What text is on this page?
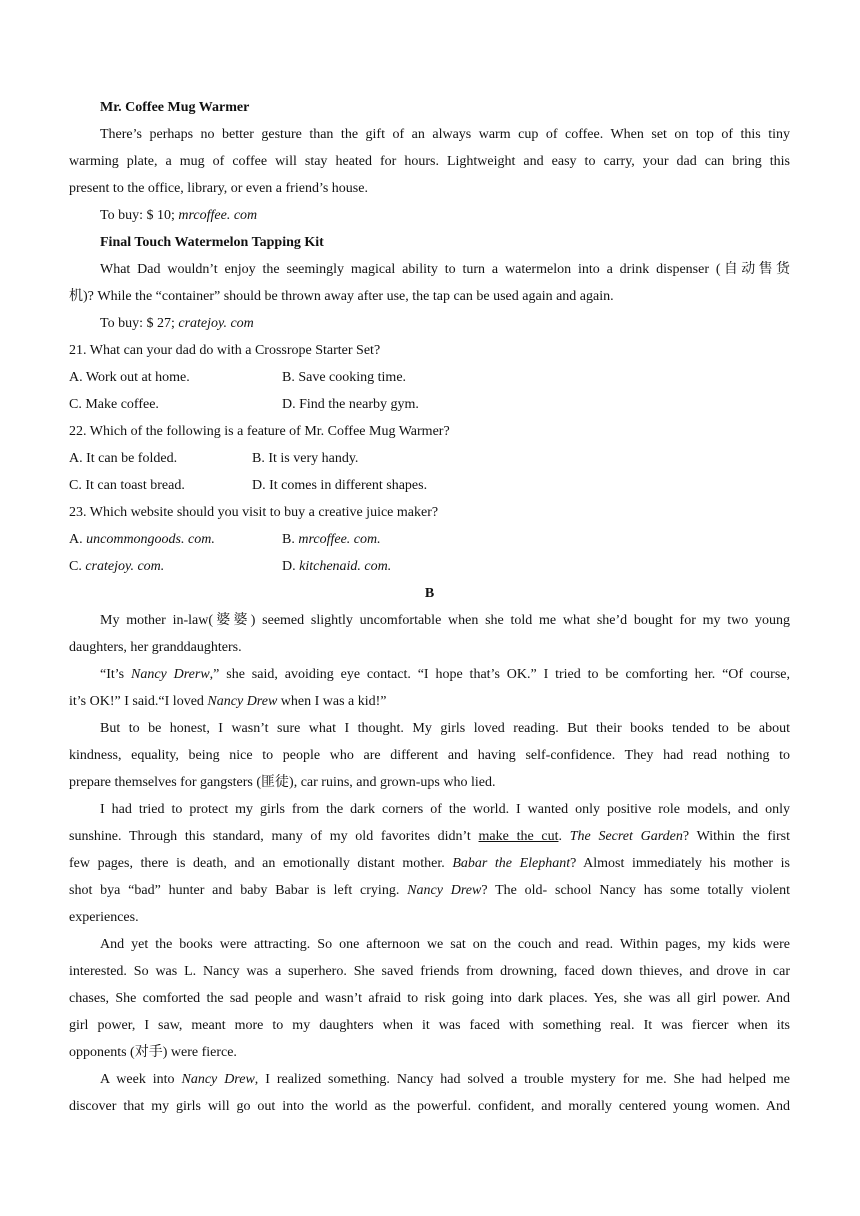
Mr. Coffee Mug Warmer
There’s perhaps no better gesture than the gift of an always warm cup of coffee. When set on top of this tiny
warming plate, a mug of coffee will stay heated for hours. Lightweight and easy to carry, your dad can bring this
present to the office, library, or even a friend’s house.
To buy: $ 10; mrcoffee. com
Final Touch Watermelon Tapping Kit
What Dad wouldn’t enjoy the seemingly magical ability to turn a watermelon into a drink dispenser (自动售货
机)? While the “container” should be thrown away after use, the tap can be used again and again.
To buy: $ 27; cratejoy. com
21. What can your dad do with a Crossrope Starter Set?
A. Work out at home.	B. Save cooking time.
C. Make coffee.	D. Find the nearby gym.
22. Which of the following is a feature of Mr. Coffee Mug Warmer?
A. It can be folded.	B. It is very handy.
C. It can toast bread.	D. It comes in different shapes.
23. Which website should you visit to buy a creative juice maker?
A. uncommongoods. com.	B. mrcoffee. com.
C. cratejoy. com.	D. kitchenaid. com.
B
My mother in-law(婆婆) seemed slightly uncomfortable when she told me what she’d bought for my two young
daughters, her granddaughters.
“It’s Nancy Drerw,” she said, avoiding eye contact. “I hope that’s OK.” I tried to be comforting her. “Of course,
it’s OK!” I said.“I loved Nancy Drew when I was a kid!”
But to be honest, I wasn’t sure what I thought. My girls loved reading. But their books tended to be about
kindness, equality, being nice to people who are different and having self-confidence. They had read nothing to
prepare themselves for gangsters (匪徒), car ruins, and grown-ups who lied.
I had tried to protect my girls from the dark corners of the world. I wanted only positive role models, and only
sunshine. Through this standard, many of my old favorites didn’t make the cut. The Secret Garden? Within the first
few pages, there is death, and an emotionally distant mother. Babar the Elephant? Almost immediately his mother is
shot bya “bad” hunter and baby Babar is left crying. Nancy Drew? The old- school Nancy has some totally violent
experiences.
And yet the books were attracting. So one afternoon we sat on the couch and read. Within pages, my kids were
interested. So was L. Nancy was a superhero. She saved friends from drowning, faced down thieves, and drove in car
chases, She comforted the sad people and wasn’t afraid to risk going into dark places. Yes, she was all girl power. And
girl power, I saw, meant more to my daughters when it was faced with something real. It was fiercer when its
opponents (对手) were fierce.
A week into Nancy Drew, I realized something. Nancy had solved a trouble mystery for me. She had helped me
discover that my girls will go out into the world as the powerful. confident, and morally centered young women. And
